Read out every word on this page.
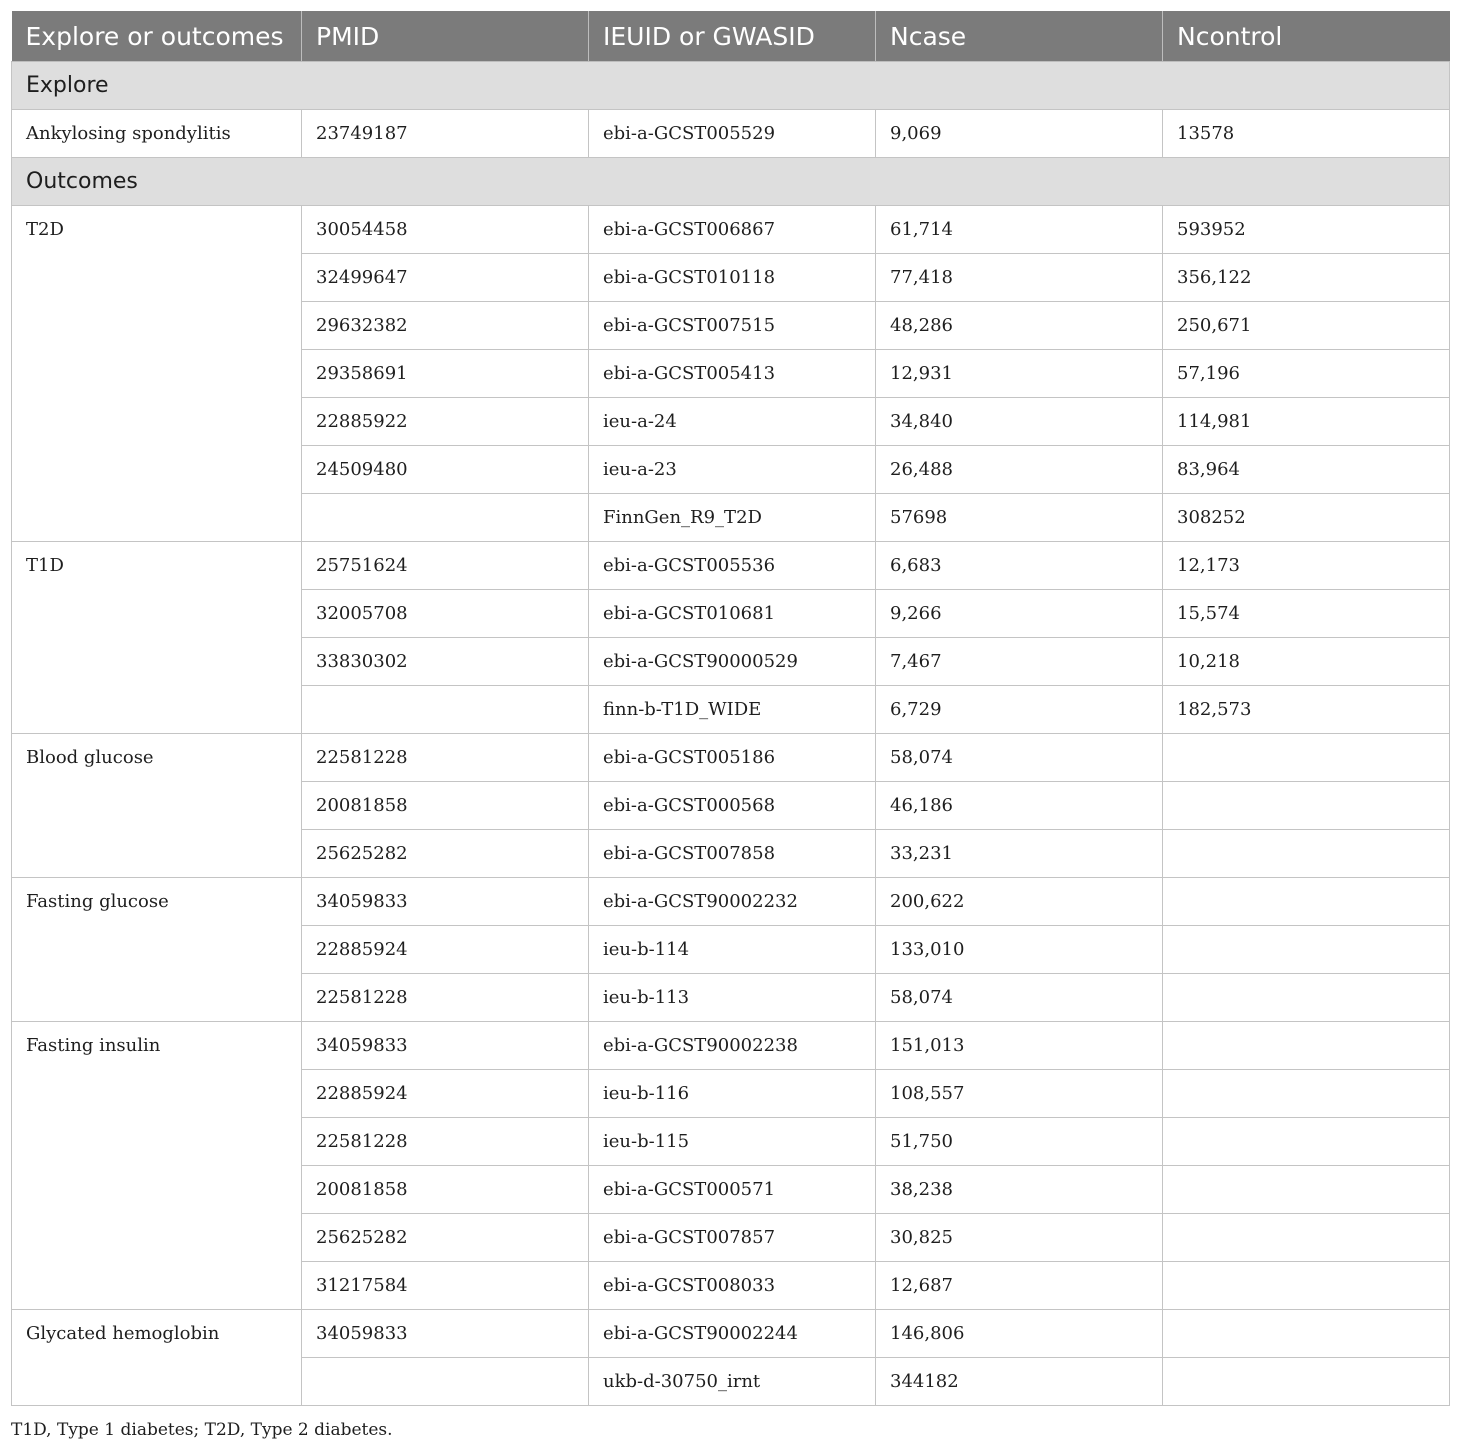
Explore or outcomes	PMID	IEUID or GWASID	Ncase	Ncontrol
Explore				
Ankylosing spondylitis	23749187	ebi-a-GCST005529	9,069	13578
Outcomes				
T2D	30054458	ebi-a-GCST006867	61,714	593952
	32499647	ebi-a-GCST010118	77,418	356,122
	29632382	ebi-a-GCST007515	48,286	250,671
	29358691	ebi-a-GCST005413	12,931	57,196
	22885922	ieu-a-24	34,840	114,981
	24509480	ieu-a-23	26,488	83,964
		FinnGen_R9_T2D	57698	308252
T1D	25751624	ebi-a-GCST005536	6,683	12,173
	32005708	ebi-a-GCST010681	9,266	15,574
	33830302	ebi-a-GCST90000529	7,467	10,218
		finn-b-T1D_WIDE	6,729	182,573
Blood glucose	22581228	ebi-a-GCST005186	58,074	
	20081858	ebi-a-GCST000568	46,186	
	25625282	ebi-a-GCST007858	33,231	
Fasting glucose	34059833	ebi-a-GCST90002232	200,622	
	22885924	ieu-b-114	133,010	
	22581228	ieu-b-113	58,074	
Fasting insulin	34059833	ebi-a-GCST90002238	151,013	
	22885924	ieu-b-116	108,557	
	22581228	ieu-b-115	51,750	
	20081858	ebi-a-GCST000571	38,238	
	25625282	ebi-a-GCST007857	30,825	
	31217584	ebi-a-GCST008033	12,687	
Glycated hemoglobin	34059833	ebi-a-GCST90002244	146,806	
		ukb-d-30750_irnt	344182	
T1D, Type 1 diabetes; T2D, Type 2 diabetes.
